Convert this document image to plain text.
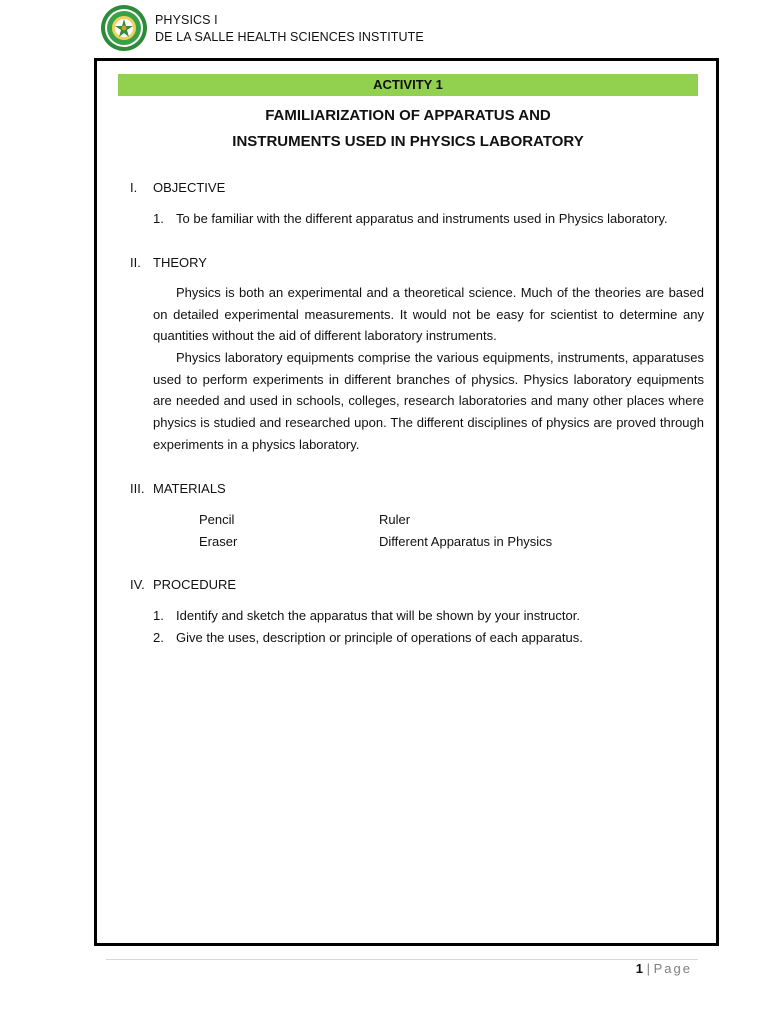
PHYSICS I
DE LA SALLE HEALTH SCIENCES INSTITUTE
ACTIVITY 1
FAMILIARIZATION OF APPARATUS AND
INSTRUMENTS USED IN PHYSICS LABORATORY
I. OBJECTIVE
1. To be familiar with the different apparatus and instruments used in Physics laboratory.
II. THEORY

Physics is both an experimental and a theoretical science. Much of the theories are based on detailed experimental measurements. It would not be easy for scientist to determine any quantities without the aid of different laboratory instruments.

Physics laboratory equipments comprise the various equipments, instruments, apparatuses used to perform experiments in different branches of physics. Physics laboratory equipments are needed and used in schools, colleges, research laboratories and many other places where physics is studied and researched upon. The different disciplines of physics are proved through experiments in a physics laboratory.

III. MATERIALS
Pencil	Ruler
Eraser	Different Apparatus in Physics
IV. PROCEDURE
1. Identify and sketch the apparatus that will be shown by your instructor.
2. Give the uses, description or principle of operations of each apparatus.
1 | Page
